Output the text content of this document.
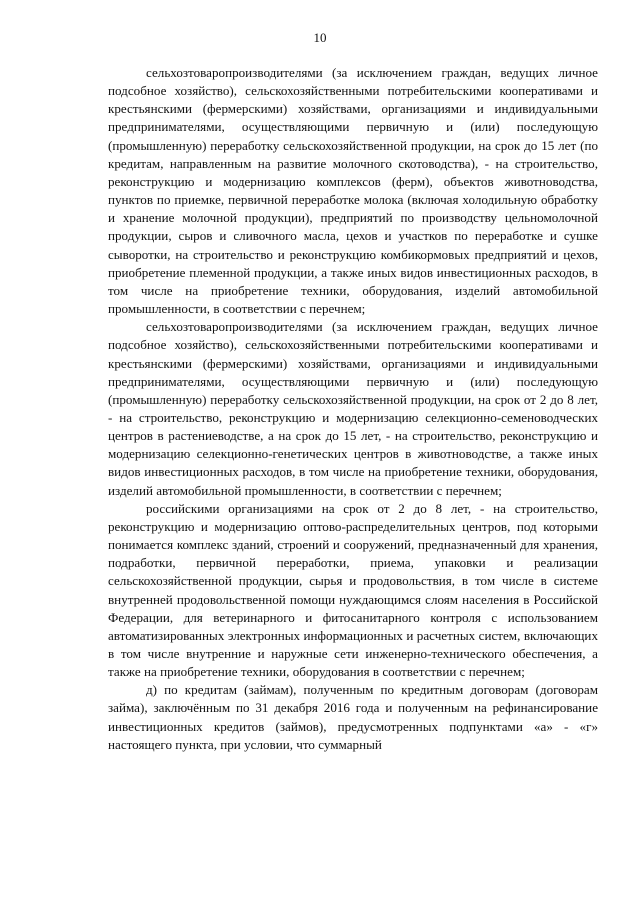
10

сельхозтоваропроизводителями (за исключением граждан, ведущих личное подсобное хозяйство), сельскохозяйственными потребительскими кооперативами и крестьянскими (фермерскими) хозяйствами, организациями и индивидуальными предпринимателями, осуществляющими первичную и (или) последующую (промышленную) переработку сельскохозяйственной продукции, на срок до 15 лет (по кредитам, направленным на развитие молочного скотоводства), - на строительство, реконструкцию и модернизацию комплексов (ферм), объектов животноводства, пунктов по приемке, первичной переработке молока (включая холодильную обработку и хранение молочной продукции), предприятий по производству цельномолочной продукции, сыров и сливочного масла, цехов и участков по переработке и сушке сыворотки, на строительство и реконструкцию комбикормовых предприятий и цехов, приобретение племенной продукции, а также иных видов инвестиционных расходов, в том числе на приобретение техники, оборудования, изделий автомобильной промышленности, в соответствии с перечнем;

сельхозтоваропроизводителями (за исключением граждан, ведущих личное подсобное хозяйство), сельскохозяйственными потребительскими кооперативами и крестьянскими (фермерскими) хозяйствами, организациями и индивидуальными предпринимателями, осуществляющими первичную и (или) последующую (промышленную) переработку сельскохозяйственной продукции, на срок от 2 до 8 лет, - на строительство, реконструкцию и модернизацию селекционно-семеноводческих центров в растениеводстве, а на срок до 15 лет, - на строительство, реконструкцию и модернизацию селекционно-генетических центров в животноводстве, а также иных видов инвестиционных расходов, в том числе на приобретение техники, оборудования, изделий автомобильной промышленности, в соответствии с перечнем;

российскими организациями на срок от 2 до 8 лет, - на строительство, реконструкцию и модернизацию оптово-распределительных центров, под которыми понимается комплекс зданий, строений и сооружений, предназначенный для хранения, подработки, первичной переработки, приема, упаковки и реализации сельскохозяйственной продукции, сырья и продовольствия, в том числе в системе внутренней продовольственной помощи нуждающимся слоям населения в Российской Федерации, для ветеринарного и фитосанитарного контроля с использованием автоматизированных электронных информационных и расчетных систем, включающих в том числе внутренние и наружные сети инженерно-технического обеспечения, а также на приобретение техники, оборудования в соответствии с перечнем;

д) по кредитам (займам), полученным по кредитным договорам (договорам займа), заключённым по 31 декабря 2016 года и полученным на рефинансирование инвестиционных кредитов (займов), предусмотренных подпунктами «а» - «г» настоящего пункта, при условии, что суммарный
